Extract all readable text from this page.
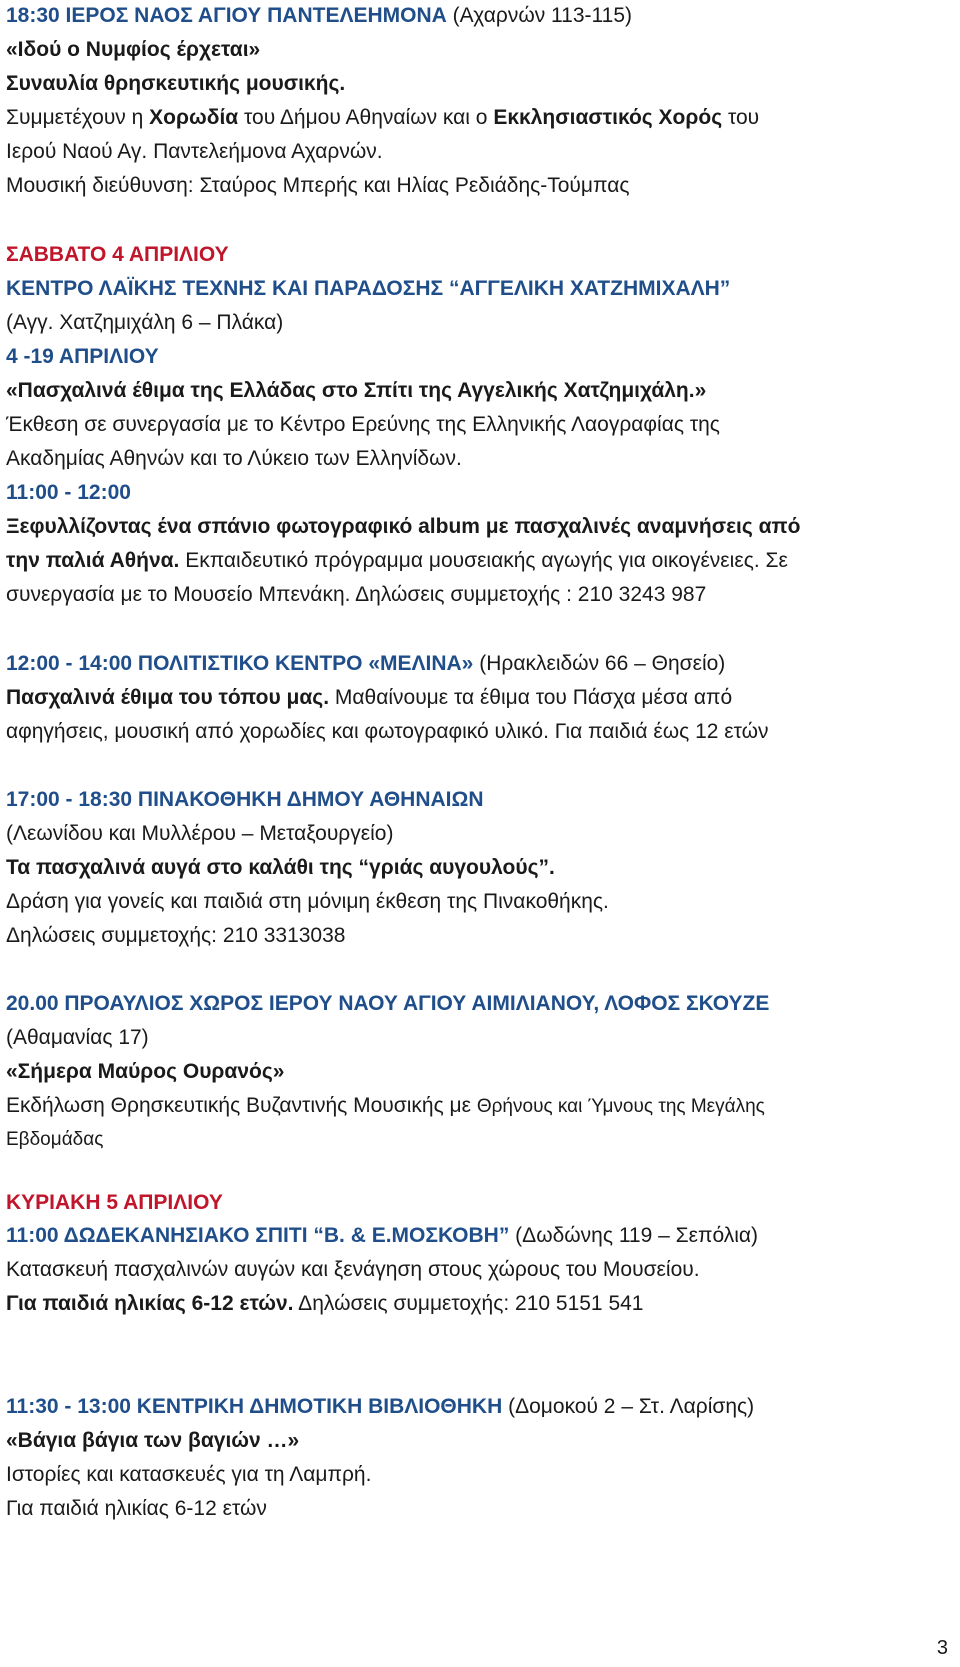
18:30 ΙΕΡΟΣ ΝΑΟΣ ΑΓΙΟΥ ΠΑΝΤΕΛΕΗΜΟΝΑ (Αχαρνών 113-115)
«Ιδού ο Νυμφίος έρχεται»
Συναυλία θρησκευτικής μουσικής.
Συμμετέχουν η Χορωδία του Δήμου Αθηναίων και ο Εκκλησιαστικός Χορός του
Ιερού Ναού Αγ. Παντελεήμονα Αχαρνών.
Μουσική διεύθυνση: Σταύρος Μπερής και Ηλίας Ρεδιάδης-Τούμπας
ΣΑΒΒΑΤΟ 4 ΑΠΡΙΛΙΟΥ
ΚΕΝΤΡΟ ΛΑΪΚΗΣ ΤΕΧΝΗΣ ΚΑΙ ΠΑΡΑΔΟΣΗΣ “ΑΓΓΕΛΙΚΗ ΧΑΤΖΗΜΙΧΑΛΗ”
(Αγγ. Χατζημιχάλη 6 – Πλάκα)
4 -19 ΑΠΡΙΛΙΟΥ
«Πασχαλινά έθιμα της Ελλάδας στο Σπίτι της Αγγελικής Χατζημιχάλη.»
Έκθεση σε συνεργασία με το Κέντρο Ερεύνης της Ελληνικής Λαογραφίας της
Ακαδημίας Αθηνών και το Λύκειο των Ελληνίδων.
11:00 - 12:00
Ξεφυλλίζοντας ένα σπάνιο φωτογραφικό album με πασχαλινές αναμνήσεις από
την παλιά Αθήνα. Εκπαιδευτικό πρόγραμμα μουσειακής αγωγής για οικογένειες. Σε
συνεργασία με το Μουσείο Μπενάκη. Δηλώσεις συμμετοχής : 210 3243 987
12:00 - 14:00 ΠΟΛΙΤΙΣΤΙΚΟ ΚΕΝΤΡΟ «ΜΕΛΙΝΑ» (Ηρακλειδών 66 – Θησείο)
Πασχαλινά έθιμα του τόπου μας. Μαθαίνουμε τα έθιμα του Πάσχα μέσα από
αφηγήσεις, μουσική από χορωδίες και φωτογραφικό υλικό. Για παιδιά έως 12 ετών
17:00 - 18:30 ΠΙΝΑΚΟΘΗΚΗ ΔΗΜΟΥ ΑΘΗΝΑΙΩΝ
(Λεωνίδου και Μυλλέρου – Μεταξουργείο)
Τα πασχαλινά αυγά στο καλάθι της “γριάς αυγουλούς”.
Δράση για γονείς και παιδιά στη μόνιμη έκθεση της Πινακοθήκης.
Δηλώσεις συμμετοχής: 210 3313038
20.00 ΠΡΟΑΥΛΙΟΣ ΧΩΡΟΣ ΙΕΡΟΥ ΝΑΟΥ ΑΓΙΟΥ ΑΙΜΙΛΙΑΝΟΥ, ΛΟΦΟΣ ΣΚΟΥΖΕ
(Αθαμανίας 17)
«Σήμερα Μαύρος Ουρανός»
Εκδήλωση Θρησκευτικής Βυζαντινής Μουσικής με Θρήνους και Ύμνους της Μεγάλης
Εβδομάδας
ΚΥΡΙΑΚΗ 5 ΑΠΡΙΛΙΟΥ
11:00 ΔΩΔΕΚΑΝΗΣΙΑΚΟ ΣΠΙΤΙ “Β. & Ε.ΜΟΣΚΟΒΗ” (Δωδώνης 119 – Σεπόλια)
Κατασκευή πασχαλινών αυγών και ξενάγηση στους χώρους του Μουσείου.
Για παιδιά ηλικίας 6-12 ετών. Δηλώσεις συμμετοχής: 210 5151 541
11:30 - 13:00 ΚΕΝΤΡΙΚΗ ΔΗΜΟΤΙΚΗ ΒΙΒΛΙΟΘΗΚΗ (Δομοκού 2 – Στ. Λαρίσης)
«Βάγια βάγια των βαγιών …»
Ιστορίες και κατασκευές για τη Λαμπρή.
Για παιδιά ηλικίας 6-12 ετών
3
